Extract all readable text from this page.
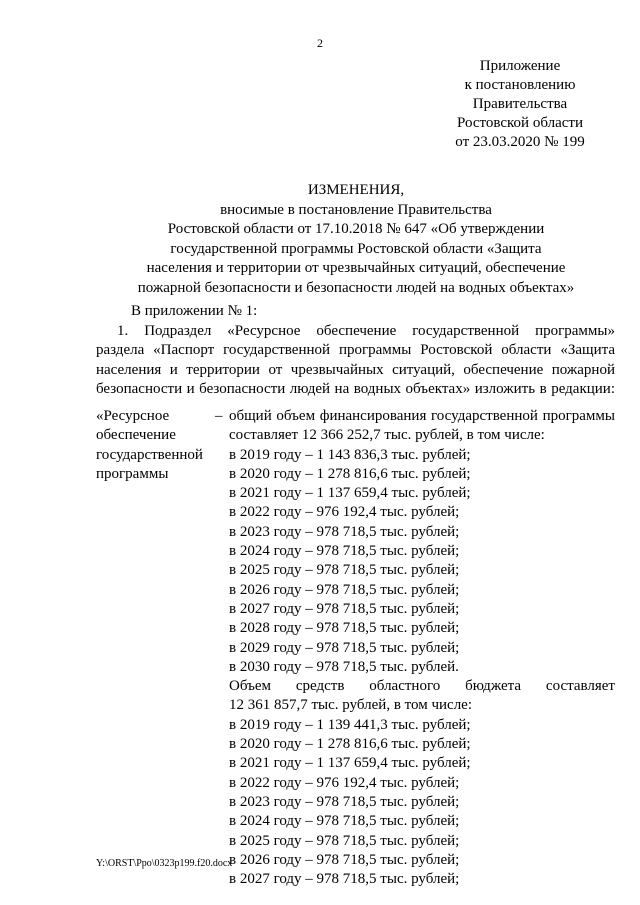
2
Приложение
к постановлению
Правительства
Ростовской области
от 23.03.2020 № 199
ИЗМЕНЕНИЯ,
вносимые в постановление Правительства
Ростовской области от 17.10.2018 № 647 «Об утверждении
государственной программы Ростовской области «Защита
населения и территории от чрезвычайных ситуаций, обеспечение
пожарной безопасности и безопасности людей на водных объектах»
В приложении № 1:
1. Подраздел «Ресурсное обеспечение государственной программы»
раздела «Паспорт государственной программы Ростовской области «Защита
населения и территории от чрезвычайных ситуаций, обеспечение пожарной
безопасности и безопасности людей на водных объектах» изложить в редакции:
«Ресурсное
обеспечение
государственной
программы
– общий объем финансирования государственной программы
составляет 12 366 252,7 тыс. рублей, в том числе:
в 2019 году – 1 143 836,3 тыс. рублей;
в 2020 году – 1 278 816,6 тыс. рублей;
в 2021 году – 1 137 659,4 тыс. рублей;
в 2022 году – 976 192,4 тыс. рублей;
в 2023 году – 978 718,5 тыс. рублей;
в 2024 году – 978 718,5 тыс. рублей;
в 2025 году – 978 718,5 тыс. рублей;
в 2026 году – 978 718,5 тыс. рублей;
в 2027 году – 978 718,5 тыс. рублей;
в 2028 году – 978 718,5 тыс. рублей;
в 2029 году – 978 718,5 тыс. рублей;
в 2030 году – 978 718,5 тыс. рублей.
Объем средств областного бюджета составляет
12 361 857,7 тыс. рублей, в том числе:
в 2019 году – 1 139 441,3 тыс. рублей;
в 2020 году – 1 278 816,6 тыс. рублей;
в 2021 году – 1 137 659,4 тыс. рублей;
в 2022 году – 976 192,4 тыс. рублей;
в 2023 году – 978 718,5 тыс. рублей;
в 2024 году – 978 718,5 тыс. рублей;
в 2025 году – 978 718,5 тыс. рублей;
в 2026 году – 978 718,5 тыс. рублей;
в 2027 году – 978 718,5 тыс. рублей;
Y:\ORST\Ppo\0323p199.f20.docx
